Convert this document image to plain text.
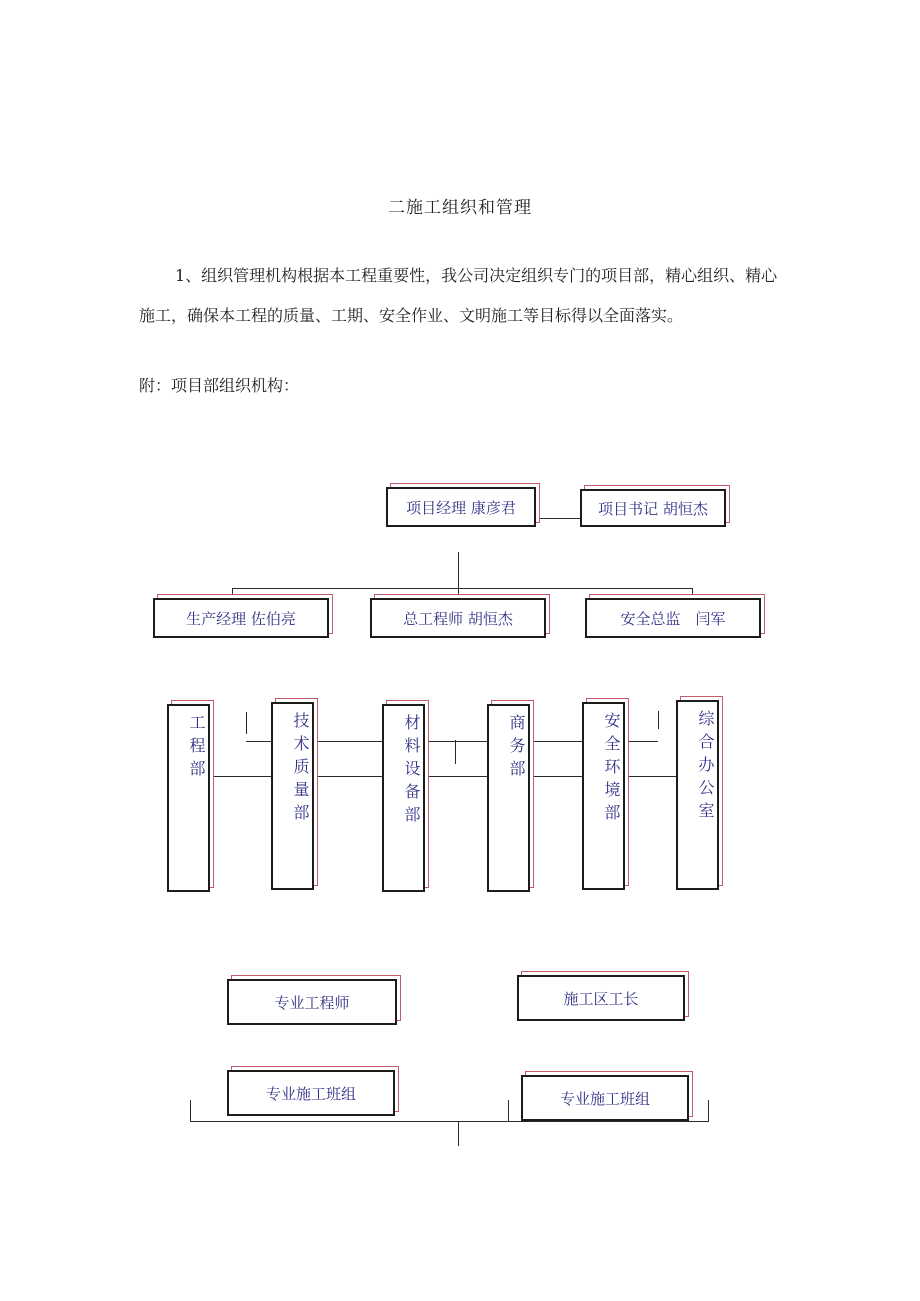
二施工组织和管理
1、组织管理机构根据本工程重要性，我公司决定组织专门的项目部，精心组织、精心施工，确保本工程的质量、工期、安全作业、文明施工等目标得以全面落实。
附：项目部组织机构：
项目经理 康彦君	项目书记 胡恒杰
生产经理 佐伯亮	总工程师 胡恒杰	安全总监　闫军
工程部	技术质量部	材料设备部	商务部	安全环境部	综合办公室
专业工程师	施工区工长
专业施工班组	专业施工班组
